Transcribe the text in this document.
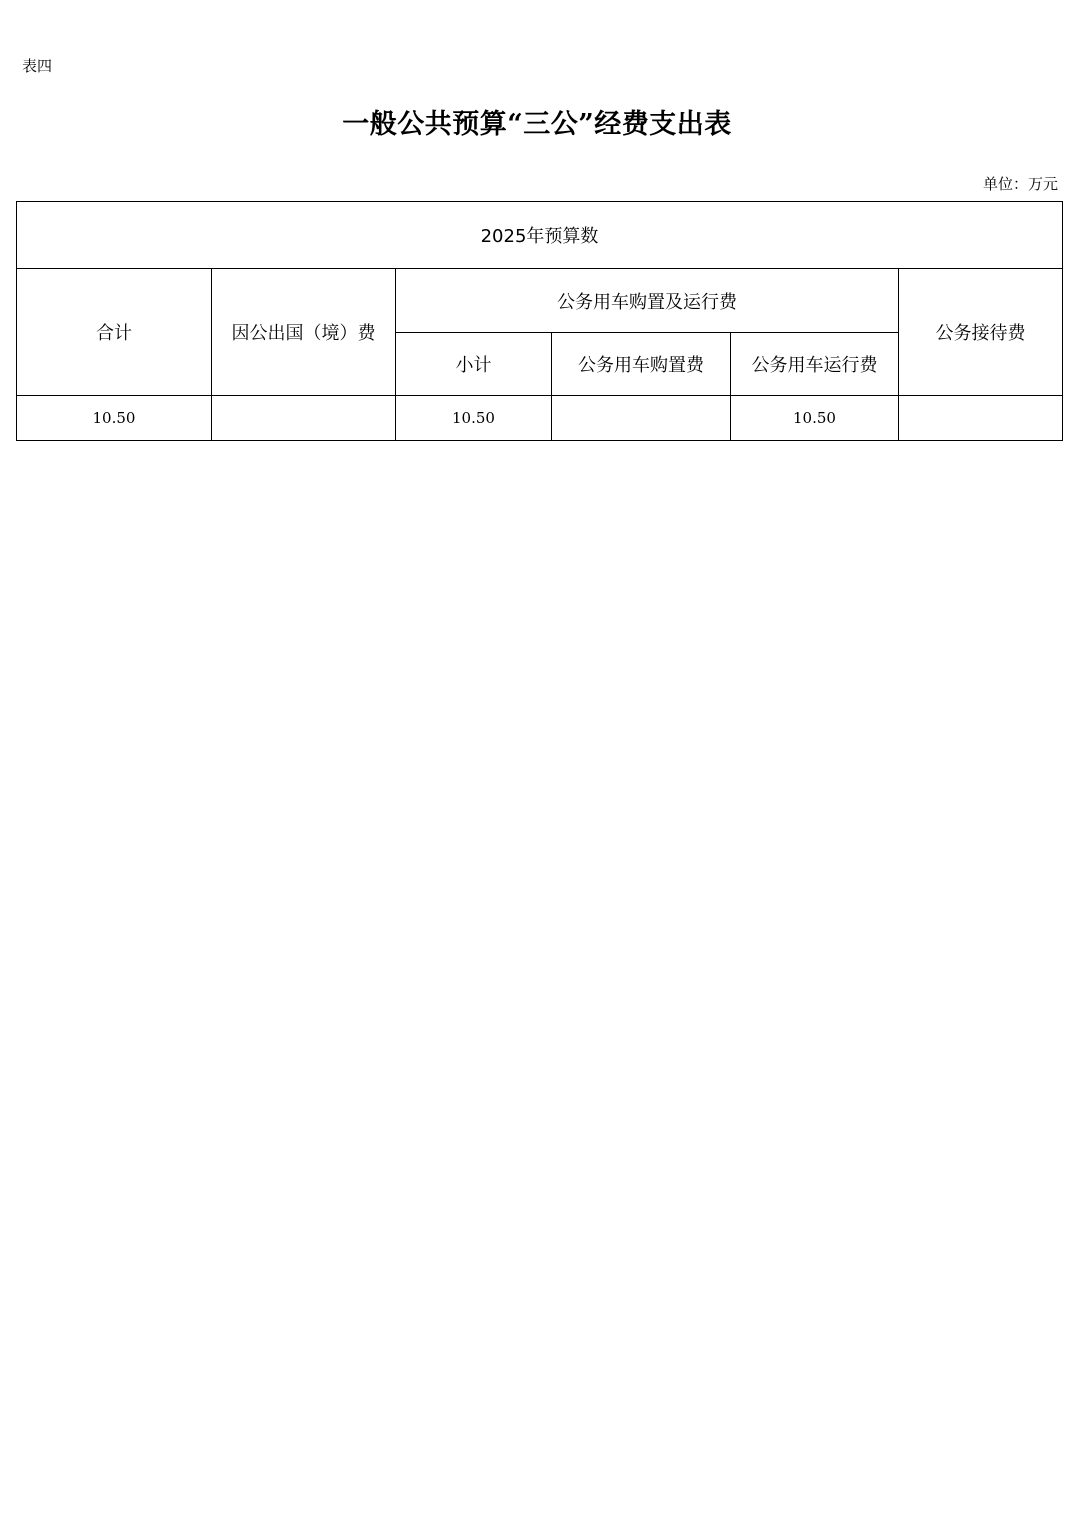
表四
一般公共预算“三公”经费支出表
单位：万元
2025年预算数					
合计	因公出国（境）费	公务用车购置及运行费			公务接待费
		小计	公务用车购置费	公务用车运行费	
10.50		10.50		10.50	
